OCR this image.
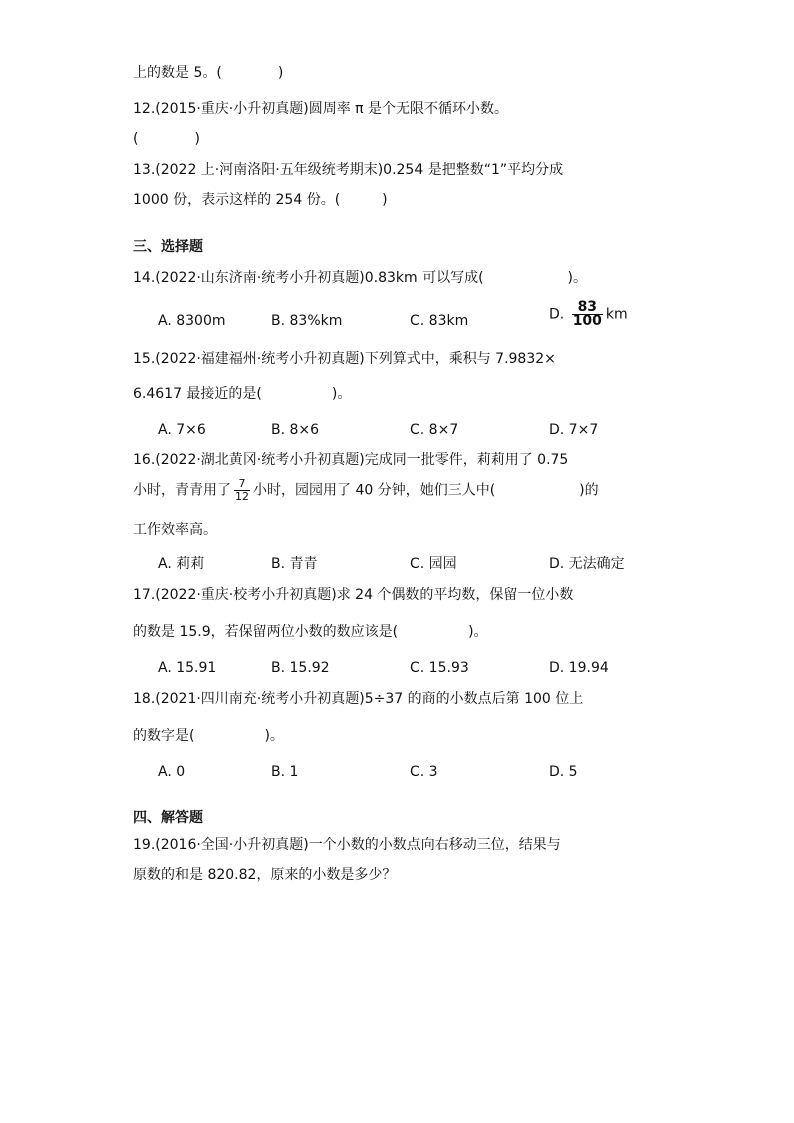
上的数是 5。(　　　　)
12.(2015·重庆·小升初真题)圆周率 π 是个无限不循环小数。
(　　　　)
13.(2022 上·河南洛阳·五年级统考期末)0.254 是把整数“1”平均分成
1000 份，表示这样的 254 份。(　　　)
三、选择题
14.(2022·山东济南·统考小升初真题)0.83km 可以写成(　　　　　　)。
A. 8300m	B. 83%km	C. 83km	D. $\frac{83}{100}$ km
15.(2022·福建福州·统考小升初真题)下列算式中，乘积与 7.9832×
6.4617 最接近的是(　　　　　)。
A. 7×6	B. 8×6	C. 8×7	D. 7×7
16.(2022·湖北黄冈·统考小升初真题)完成同一批零件，莉莉用了 0.75
小时，青青用了 $\frac{7}{12}$ 小时，园园用了 40 分钟，她们三人中(　　　　　　)的
工作效率高。
A. 莉莉	B. 青青	C. 园园	D. 无法确定
17.(2022·重庆·校考小升初真题)求 24 个偶数的平均数，保留一位小数
的数是 15.9，若保留两位小数的数应该是(　　　　　)。
A. 15.91	B. 15.92	C. 15.93	D. 19.94
18.(2021·四川南充·统考小升初真题)5÷37 的商的小数点后第 100 位上
的数字是(　　　　　)。
A. 0	B. 1	C. 3	D. 5
四、解答题
19.(2016·全国·小升初真题)一个小数的小数点向右移动三位，结果与
原数的和是 820.82，原来的小数是多少？
